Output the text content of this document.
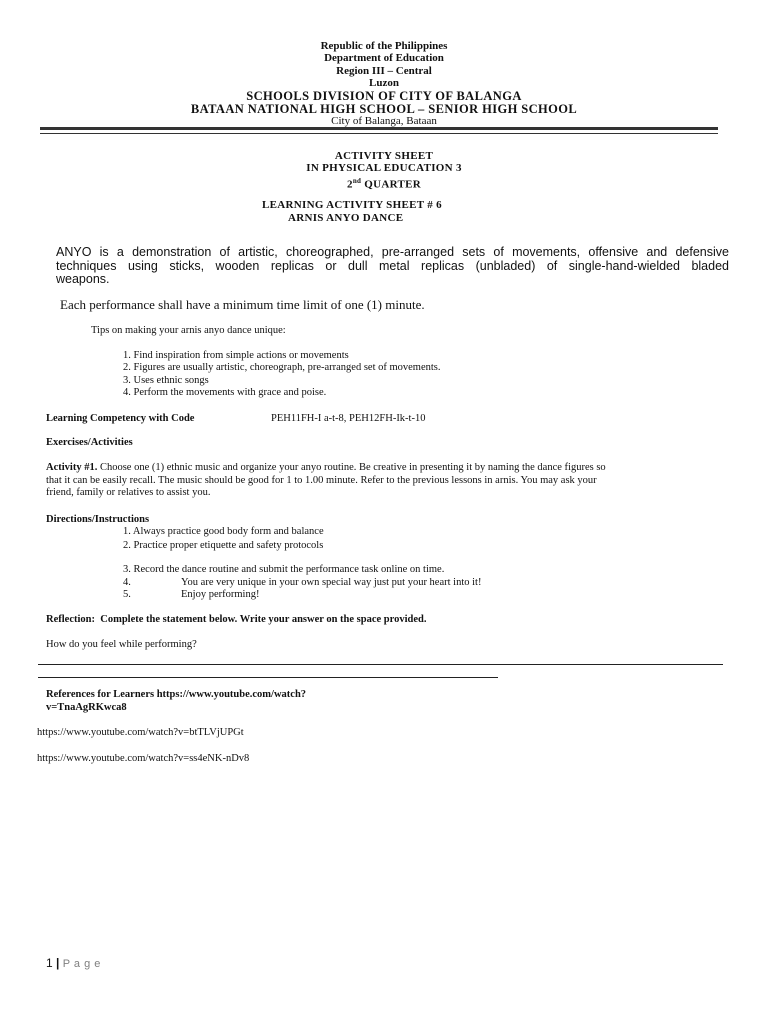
Republic of the Philippines
Department of Education
Region III – Central
Luzon
SCHOOLS DIVISION OF CITY OF BALANGA
BATAAN NATIONAL HIGH SCHOOL – SENIOR HIGH SCHOOL
City of Balanga, Bataan
ACTIVITY SHEET
IN PHYSICAL EDUCATION 3
2nd QUARTER
LEARNING ACTIVITY SHEET # 6
ARNIS ANYO DANCE
ANYO is a demonstration of artistic, choreographed, pre-arranged sets of movements, offensive and defensive
techniques using sticks, wooden replicas or dull metal replicas (unbladed) of single-hand-wielded bladed
weapons.
Each performance shall have a minimum time limit of one (1) minute.
Tips on making your arnis anyo dance unique:
1. Find inspiration from simple actions or movements
2. Figures are usually artistic, choreograph, pre-arranged set of movements.
3. Uses ethnic songs
4. Perform the movements with grace and poise.
Learning Competency with Code	PEH11FH-I a-t-8, PEH12FH-Ik-t-10
Exercises/Activities
Activity #1. Choose one (1) ethnic music and organize your anyo routine. Be creative in presenting it by naming the dance figures so
that it can be easily recall. The music should be good for 1 to 1.00 minute. Refer to the previous lessons in arnis. You may ask your
friend, family or relatives to assist you.
Directions/Instructions
1. Always practice good body form and balance
2. Practice proper etiquette and safety protocols
3. Record the dance routine and submit the performance task online on time.
4.	You are very unique in your own special way just put your heart into it!
5.	Enjoy performing!
Reflection:  Complete the statement below. Write your answer on the space provided.
How do you feel while performing?
References for Learners https://www.youtube.com/watch?
v=TnaAgRKwca8
https://www.youtube.com/watch?v=btTLVjUPGt
https://www.youtube.com/watch?v=ss4eNK-nDv8
1 | P a g e
